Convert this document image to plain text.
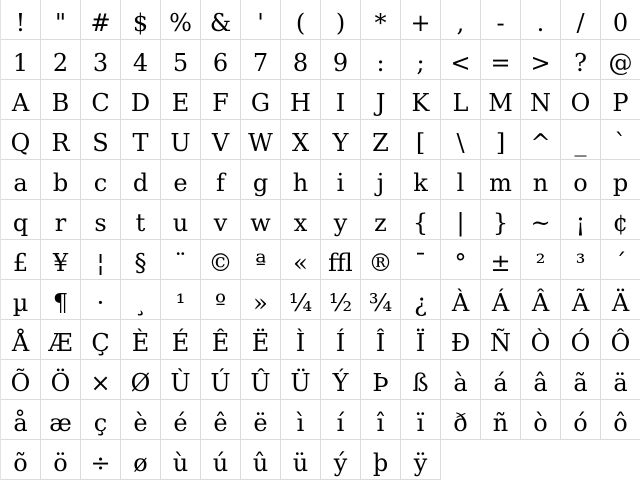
!	"	# $ % &	'	(	)	* +	,	-	.	/	0
1	2	3	4	5	6	7	8	9	:	;	< = > ? @
A B C D E F G H	I	J	K L M N O P
Q R S T U V W X Y Z	[	\	]	^ _	`
a	b	c	d	e	f	g	h	i	j	k	l	m n	o	p
q	r	s	t	u	v w x	y	z	{	|	} ~	¡	¢
£	¥	¦	§	¨ © ª	« ffl ® ¯	° ±	²	³	´
µ	¶	·	¸	¹	º	» ¼ ½ ¾ ¿	À Á Â Ã Ä
Å Æ Ç È É Ê Ë	Ì	Í	Î	Ï	Ð Ñ Ò Ó Ô
Õ Ö × Ø Ù Ú Û Ü Ý Þ ß	à	á	â	ã	ä
å æ ç	è	é	ê	ë	ì	í	î	ï	ð	ñ	ò	ó	ô
õ	ö ÷ ø	ù	ú	û	ü	ý	þ	ÿ
